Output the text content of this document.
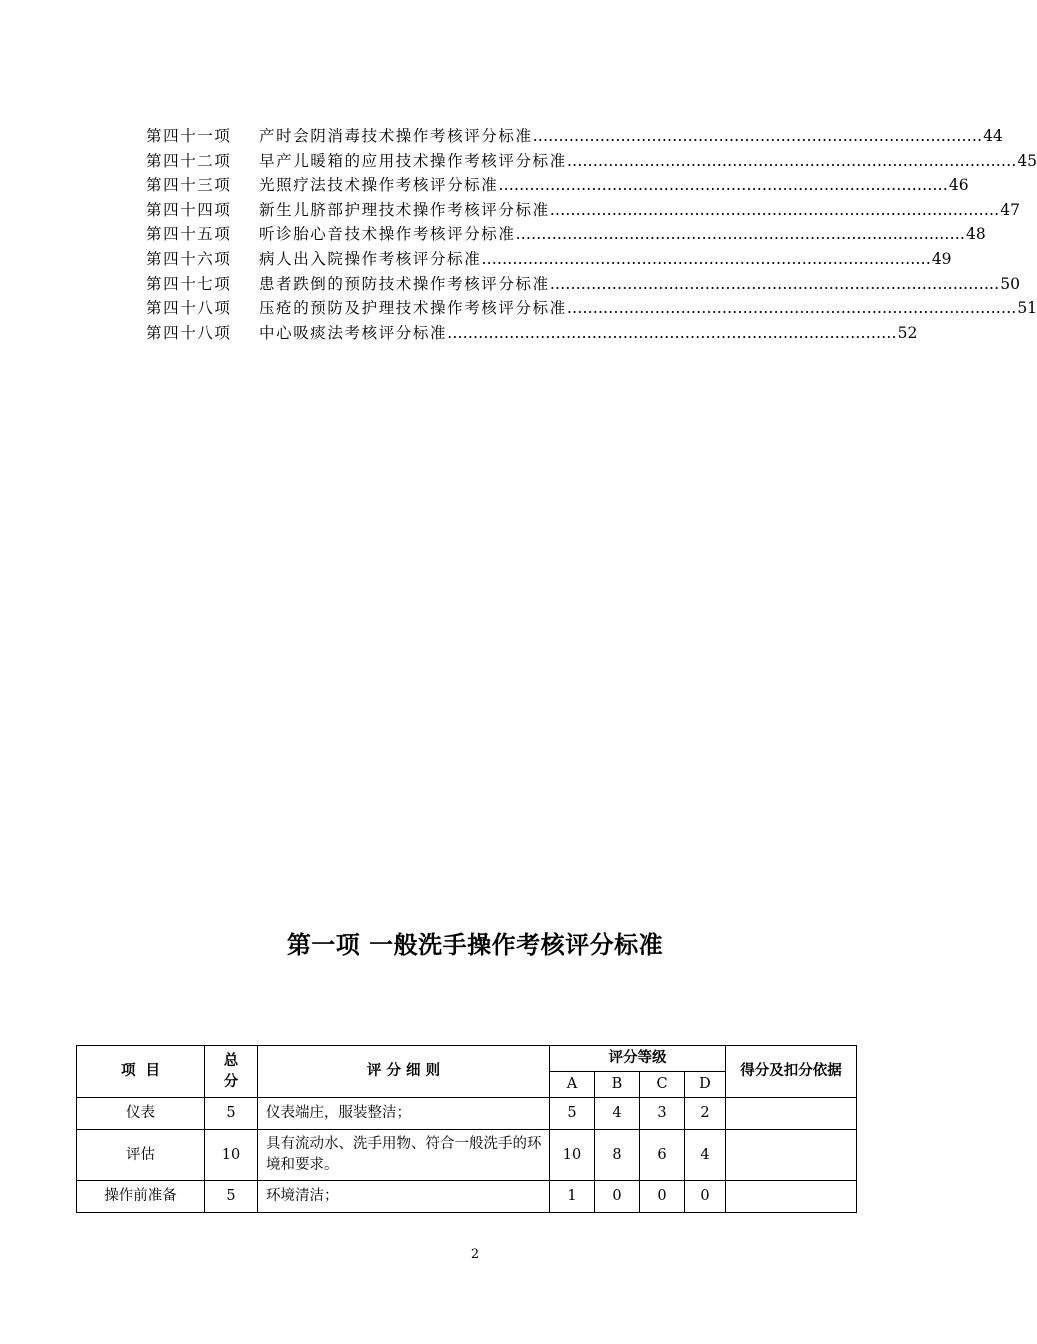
第四十一项	产时会阴消毒技术操作考核评分标准 …………………………………………………………………………… 44
第四十二项	早产儿暖箱的应用技术操作考核评分标准 …………………………………………………………………………… 45
第四十三项	光照疗法技术操作考核评分标准 …………………………………………………………………………… 46
第四十四项	新生儿脐部护理技术操作考核评分标准 …………………………………………………………………………… 47
第四十五项	听诊胎心音技术操作考核评分标准 …………………………………………………………………………… 48
第四十六项	病人出入院操作考核评分标准 …………………………………………………………………………… 49
第四十七项	患者跌倒的预防技术操作考核评分标准 …………………………………………………………………………… 50
第四十八项	压疮的预防及护理技术操作考核评分标准 …………………………………………………………………………… 51
第四十八项	中心吸痰法考核评分标准 …………………………………………………………………………… 52
第一项 一般洗手操作考核评分标准
项  目	总分	评 分 细 则	评分等级				得分及扣分依据
			A	B	C	D	
仪表	5	仪表端庄，服装整洁；	5	4	3	2	
评估	10	具有流动水、洗手用物、符合一般洗手的环境和要求。	10	8	6	4	
操作前准备	5	环境清洁；	1	0	0	0	
2
